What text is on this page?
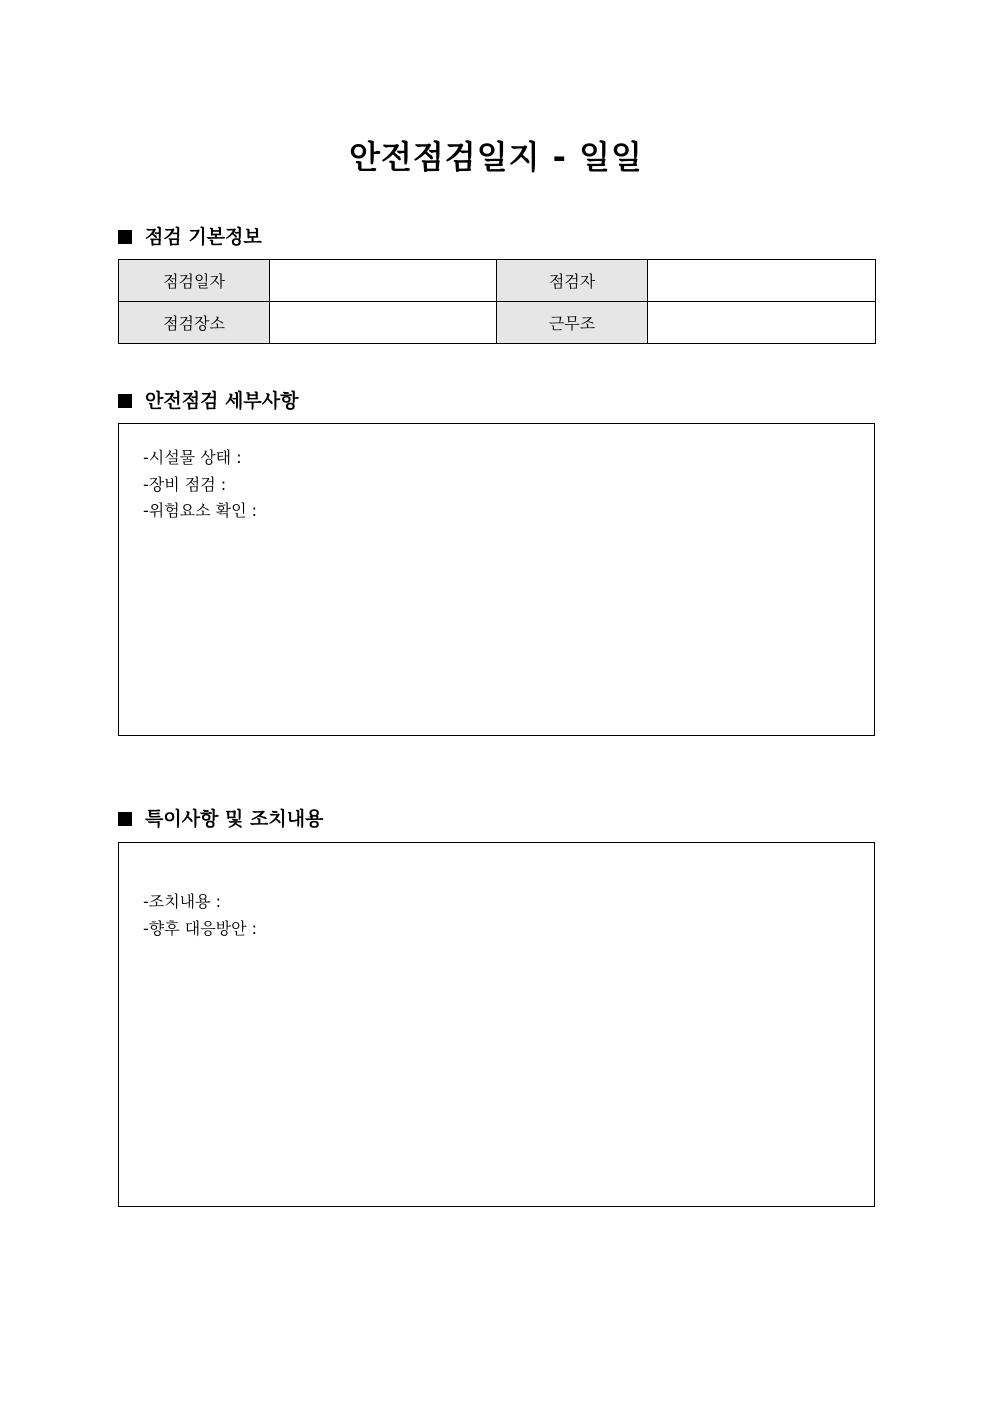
안전점검일지 - 일일
점검 기본정보
점검일자		점검자	
점검장소		근무조	
안전점검 세부사항
-시설물 상태 :
-장비 점검 :
-위험요소 확인 :
특이사항 및 조치내용
-조치내용 :
-향후 대응방안 :
